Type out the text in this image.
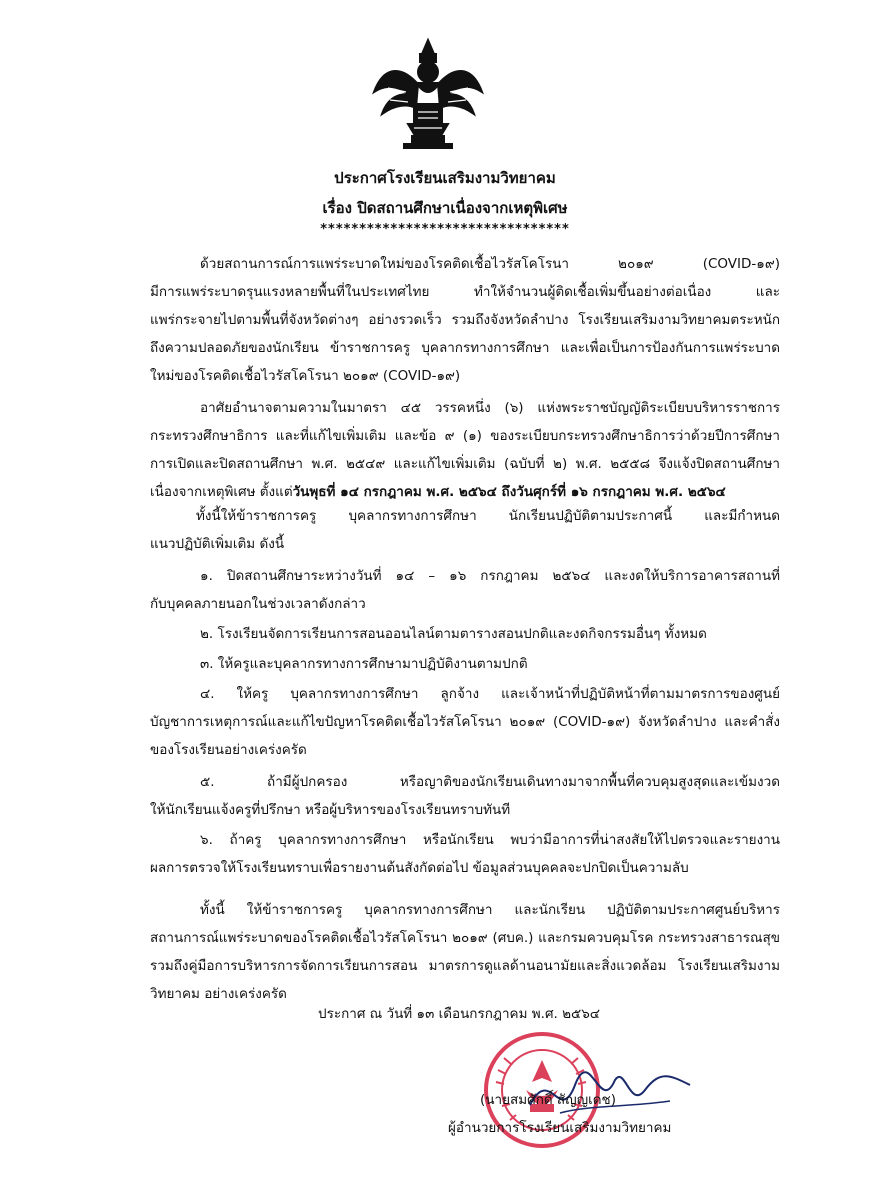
ประกาศโรงเรียนเสริมงามวิทยาคม
เรื่อง ปิดสถานศึกษาเนื่องจากเหตุพิเศษ
********************************
ด้วยสถานการณ์การแพร่ระบาดใหม่ของโรคติดเชื้อไวรัสโคโรนา ๒๐๑๙ (COVID-๑๙)
มีการแพร่ระบาดรุนแรงหลายพื้นที่ในประเทศไทย ทำให้จำนวนผู้ติดเชื้อเพิ่มขึ้นอย่างต่อเนื่อง และ
แพร่กระจายไปตามพื้นที่จังหวัดต่างๆ อย่างรวดเร็ว รวมถึงจังหวัดลำปาง โรงเรียนเสริมงามวิทยาคมตระหนัก
ถึงความปลอดภัยของนักเรียน ข้าราชการครู บุคลากรทางการศึกษา และเพื่อเป็นการป้องกันการแพร่ระบาด
ใหม่ของโรคติดเชื้อไวรัสโคโรนา ๒๐๑๙ (COVID-๑๙)
อาศัยอำนาจตามความในมาตรา ๔๕ วรรคหนึ่ง (๖) แห่งพระราชบัญญัติระเบียบบริหารราชการ
กระทรวงศึกษาธิการ และที่แก้ไขเพิ่มเติม และข้อ ๙ (๑) ของระเบียบกระทรวงศึกษาธิการว่าด้วยปีการศึกษา
การเปิดและปิดสถานศึกษา พ.ศ. ๒๕๔๙ และแก้ไขเพิ่มเติม (ฉบับที่ ๒) พ.ศ. ๒๕๕๘ จึงแจ้งปิดสถานศึกษา
เนื่องจากเหตุพิเศษ ตั้งแต่วันพุธที่ ๑๔ กรกฎาคม พ.ศ. ๒๕๖๔ ถึงวันศุกร์ที่ ๑๖ กรกฎาคม พ.ศ. ๒๕๖๔
ทั้งนี้ให้ข้าราชการครู บุคลากรทางการศึกษา นักเรียนปฏิบัติตามประกาศนี้ และมีกำหนด
แนวปฏิบัติเพิ่มเติม ดังนี้
๑. ปิดสถานศึกษาระหว่างวันที่ ๑๔ – ๑๖ กรกฎาคม ๒๕๖๔ และงดให้บริการอาคารสถานที่
กับบุคคลภายนอกในช่วงเวลาดังกล่าว
๒. โรงเรียนจัดการเรียนการสอนออนไลน์ตามตารางสอนปกติและงดกิจกรรมอื่นๆ ทั้งหมด
๓. ให้ครูและบุคลากรทางการศึกษามาปฏิบัติงานตามปกติ
๔. ให้ครู บุคลากรทางการศึกษา ลูกจ้าง และเจ้าหน้าที่ปฏิบัติหน้าที่ตามมาตรการของศูนย์
บัญชาการเหตุการณ์และแก้ไขปัญหาโรคติดเชื้อไวรัสโคโรนา ๒๐๑๙ (COVID-๑๙) จังหวัดลำปาง และคำสั่ง
ของโรงเรียนอย่างเคร่งครัด
๕. ถ้ามีผู้ปกครอง หรือญาติของนักเรียนเดินทางมาจากพื้นที่ควบคุมสูงสุดและเข้มงวด
ให้นักเรียนแจ้งครูที่ปรึกษา หรือผู้บริหารของโรงเรียนทราบทันที
๖. ถ้าครู บุคลากรทางการศึกษา หรือนักเรียน พบว่ามีอาการที่น่าสงสัยให้ไปตรวจและรายงาน
ผลการตรวจให้โรงเรียนทราบเพื่อรายงานต้นสังกัดต่อไป ข้อมูลส่วนบุคคลจะปกปิดเป็นความลับ
ทั้งนี้ ให้ข้าราชการครู บุคลากรทางการศึกษา และนักเรียน ปฏิบัติตามประกาศศูนย์บริหาร
สถานการณ์แพร่ระบาดของโรคติดเชื้อไวรัสโคโรนา ๒๐๑๙ (ศบค.) และกรมควบคุมโรค กระทรวงสาธารณสุข
รวมถึงคู่มือการบริหารการจัดการเรียนการสอน มาตรการดูแลด้านอนามัยและสิ่งแวดล้อม โรงเรียนเสริมงาม
วิทยาคม อย่างเคร่งครัด
ประกาศ ณ วันที่ ๑๓ เดือนกรกฎาคม พ.ศ. ๒๕๖๔
(นายสมศักดิ์ สัญญเดช)
ผู้อำนวยการโรงเรียนเสริมงามวิทยาคม
